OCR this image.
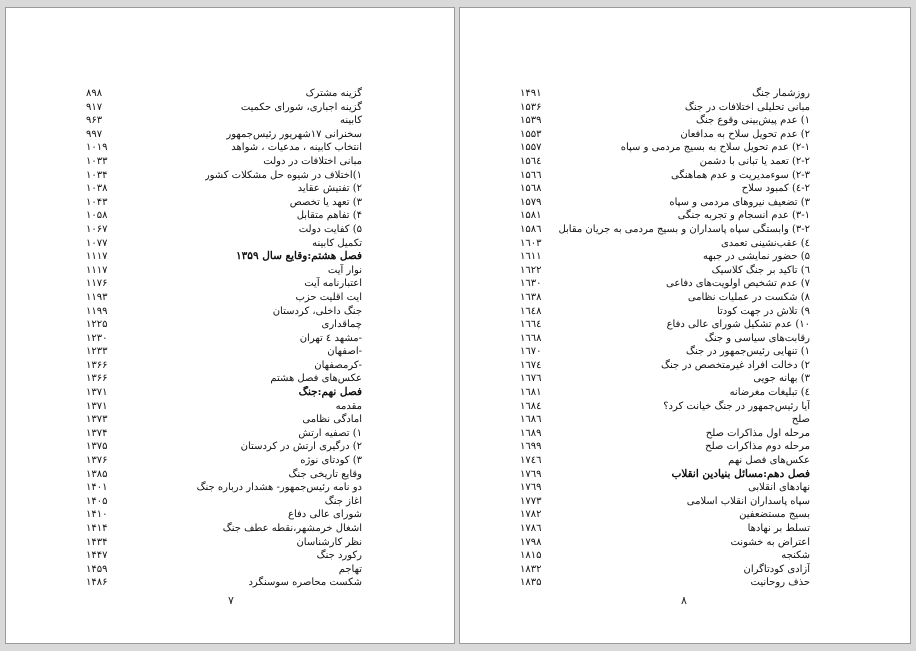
گزینه مشترک
۸۹۸
گزینه اجباری، شورای حکمیت
۹۱۷
کابینه
۹۶۳
سخنرانی ۱۷شهریور رئیس‌جمهور
۹۹۷
انتخاب کابینه ، مدعیات ، شواهد
۱۰۱۹
مبانی اختلافات در دولت
۱۰۳۳
۱)اختلاف در شیوه حل مشکلات کشور
۱۰۳۴
۲) تفتیش عقاید
۱۰۳۸
۳) تعهد یا تخصص
۱۰۴۳
۴) تفاهم متقابل
۱۰۵۸
۵) کفایت دولت
۱۰۶۷
تکمیل کابینه
۱۰۷۷
فصل هشتم:وقایع سال ۱۳۵۹
۱۱۱۷
نوار آیت
۱۱۱۷
اعتبارنامه آیت
۱۱۷۶
ایت اقلیت حزب
۱۱۹۳
جنگ داخلی، کردستان
۱۱۹۹
چماقداری
۱۲۲۵
-مشهد ٤ تهران
۱۲۳۰
-اصفهان
۱۲۳۳
-کرمصفهان
۱۳۶۶
عکس‌های فصل هشتم
۱۳۶۶
فصل نهم:جنگ
۱۳۷۱
مقدمه
۱۳۷۱
امادگی نظامی
۱۳۷۳
۱) تصفیه ارتش
۱۳۷۴
۲) درگیری ارتش در کردستان
۱۳۷۵
۳) کودتای نوژه
۱۳۷۶
وقایع تاریخی جنگ
۱۳۸۵
دو نامه رئیس‌جمهور- هشدار درباره جنگ
۱۴۰۱
اغاز جنگ
۱۴۰۵
شورای عالی دفاع
۱۴۱۰
اشغال خرمشهر،نقطه عطف جنگ
۱۴۱۴
نظر کارشناسان
۱۴۳۴
رکورد جنگ
۱۴۴۷
تهاجم
۱۴۵۹
شکست محاصره سوسنگرد
۱۴۸۶
۷
روزشمار جنگ
۱۴۹۱
مبانی تحلیلی اختلافات در جنگ
۱۵۳۶
۱) عدم پیش‌بینی وقوع جنگ
۱۵۳۹
۲) عدم تحویل سلاح به مدافعان
۱۵۵۳
۲-۱) عدم تحویل سلاح به بسیج مردمی و سپاه
۱۵۵۷
۲-۲) تعمد یا تبانی با دشمن
۱۵٦٤
۲-۳) سوءمدیریت و عدم هماهنگی
۱۵٦٦
۲-٤) کمبود سلاح
۱۵٦۸
۳) تضعیف نیروهای مردمی و سپاه
۱۵۷۹
۳-۱) عدم انسجام و تجربه جنگی
۱۵۸۱
۳-۲) وابستگی سپاه پاسداران و بسیج مردمی به جریان مقابل
۱۵۸٦
٤) عقب‌نشینی تعمدی
۱٦۰۳
۵) حضور نمایشی در جبهه
۱٦۱۱
٦) تاکید بر جنگ کلاسیک
۱٦۲۲
۷) عدم تشخیص اولویت‌های دفاعی
۱٦۳۰
۸) شکست در عملیات نظامی
۱٦۳۸
۹) تلاش در جهت کودتا
۱٦٤۸
۱۰) عدم تشکیل شورای عالی دفاع
۱٦٦٤
رقابت‌های سیاسی و جنگ
۱٦٦۸
۱) تنهایی رئیس‌جمهور در جنگ
۱٦۷۰
۲) دخالت افراد غیرمتخصص در جنگ
۱٦۷٤
۳) بهانه جویی
۱٦۷٦
٤) تبلیغات مغرضانه
۱٦۸۱
آیا رئیس‌جمهور در جنگ خیانت کرد؟
۱٦۸٤
صلح
۱٦۸٦
مرحله اول مذاکرات صلح
۱٦۸۹
مرحله دوم مذاکرات صلح
۱٦۹۹
عکس‌های فصل نهم
۱۷٤٦
فصل دهم:مسائل بنیادین انقلاب
۱۷٦۹
نهادهای انقلابی
۱۷٦۹
سپاه پاسداران انقلاب اسلامی
۱۷۷۳
بسیج مستضعفین
۱۷۸۲
تسلط بر نهادها
۱۷۸٦
اعتراض به خشونت
۱۷۹۸
شکنجه
۱۸۱۵
آزادی کودتاگران
۱۸۳۲
حذف روحانیت
۱۸۳۵
۸
